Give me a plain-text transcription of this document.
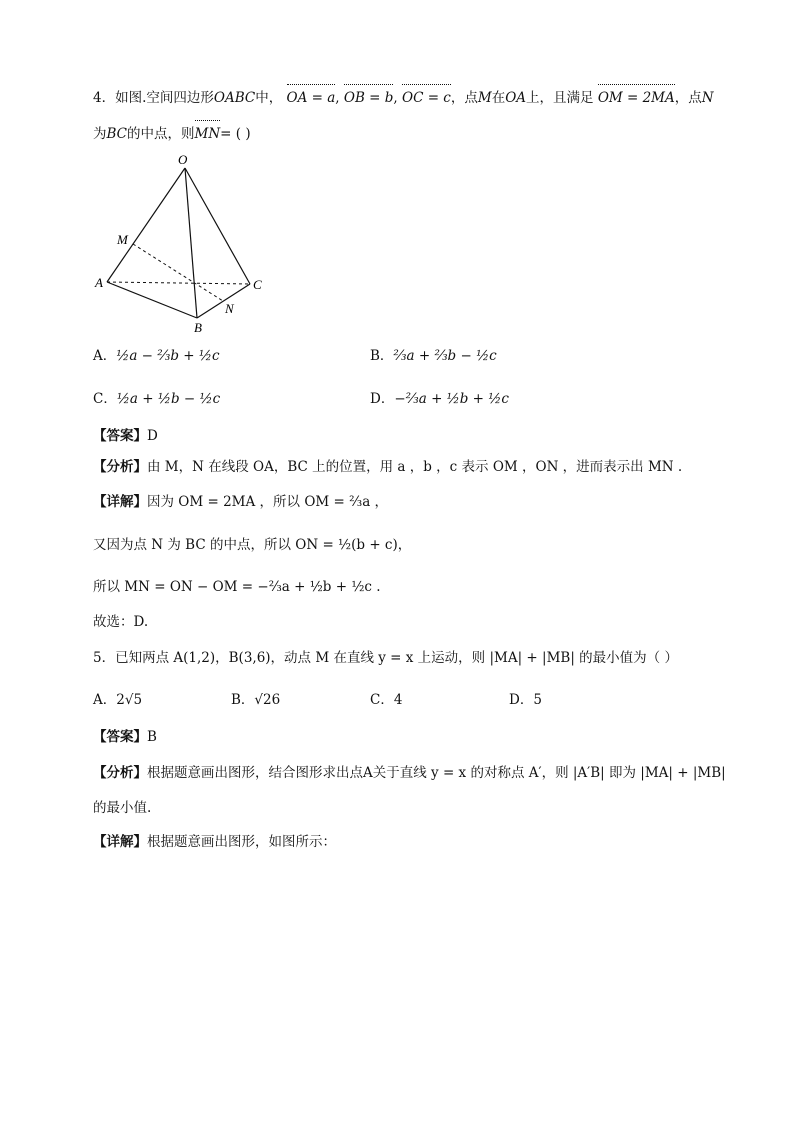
4．如图.空间四边形OABC中， OA = a, OB = b, OC = c，点M在OA上，且满足 OM = 2MA，点N
为BC的中点，则MN= ( )
O
M
A	C
B
N
A．½a − ⅔b + ½c	B．⅔a + ⅔b − ½c
C．½a + ½b − ½c	D．−⅔a + ½b + ½c
【答案】D
【分析】由 M，N 在线段 OA，BC 上的位置，用 a ，b ，c 表示 OM ，ON ，进而表示出 MN .
【详解】因为 OM = 2MA ，所以 OM = ⅔a ，
又因为点 N 为 BC 的中点，所以 ON = ½(b + c)，
所以 MN = ON − OM = −⅔a + ½b + ½c .
故选：D.
5．已知两点 A(1,2)，B(3,6)，动点 M 在直线 y = x 上运动，则 |MA| + |MB| 的最小值为（ ）
A．2√5	B．√26	C．4	D．5
【答案】B
【分析】根据题意画出图形，结合图形求出点A关于直线 y = x 的对称点 A′，则 |A′B| 即为 |MA| + |MB|
的最小值.
【详解】根据题意画出图形，如图所示：
